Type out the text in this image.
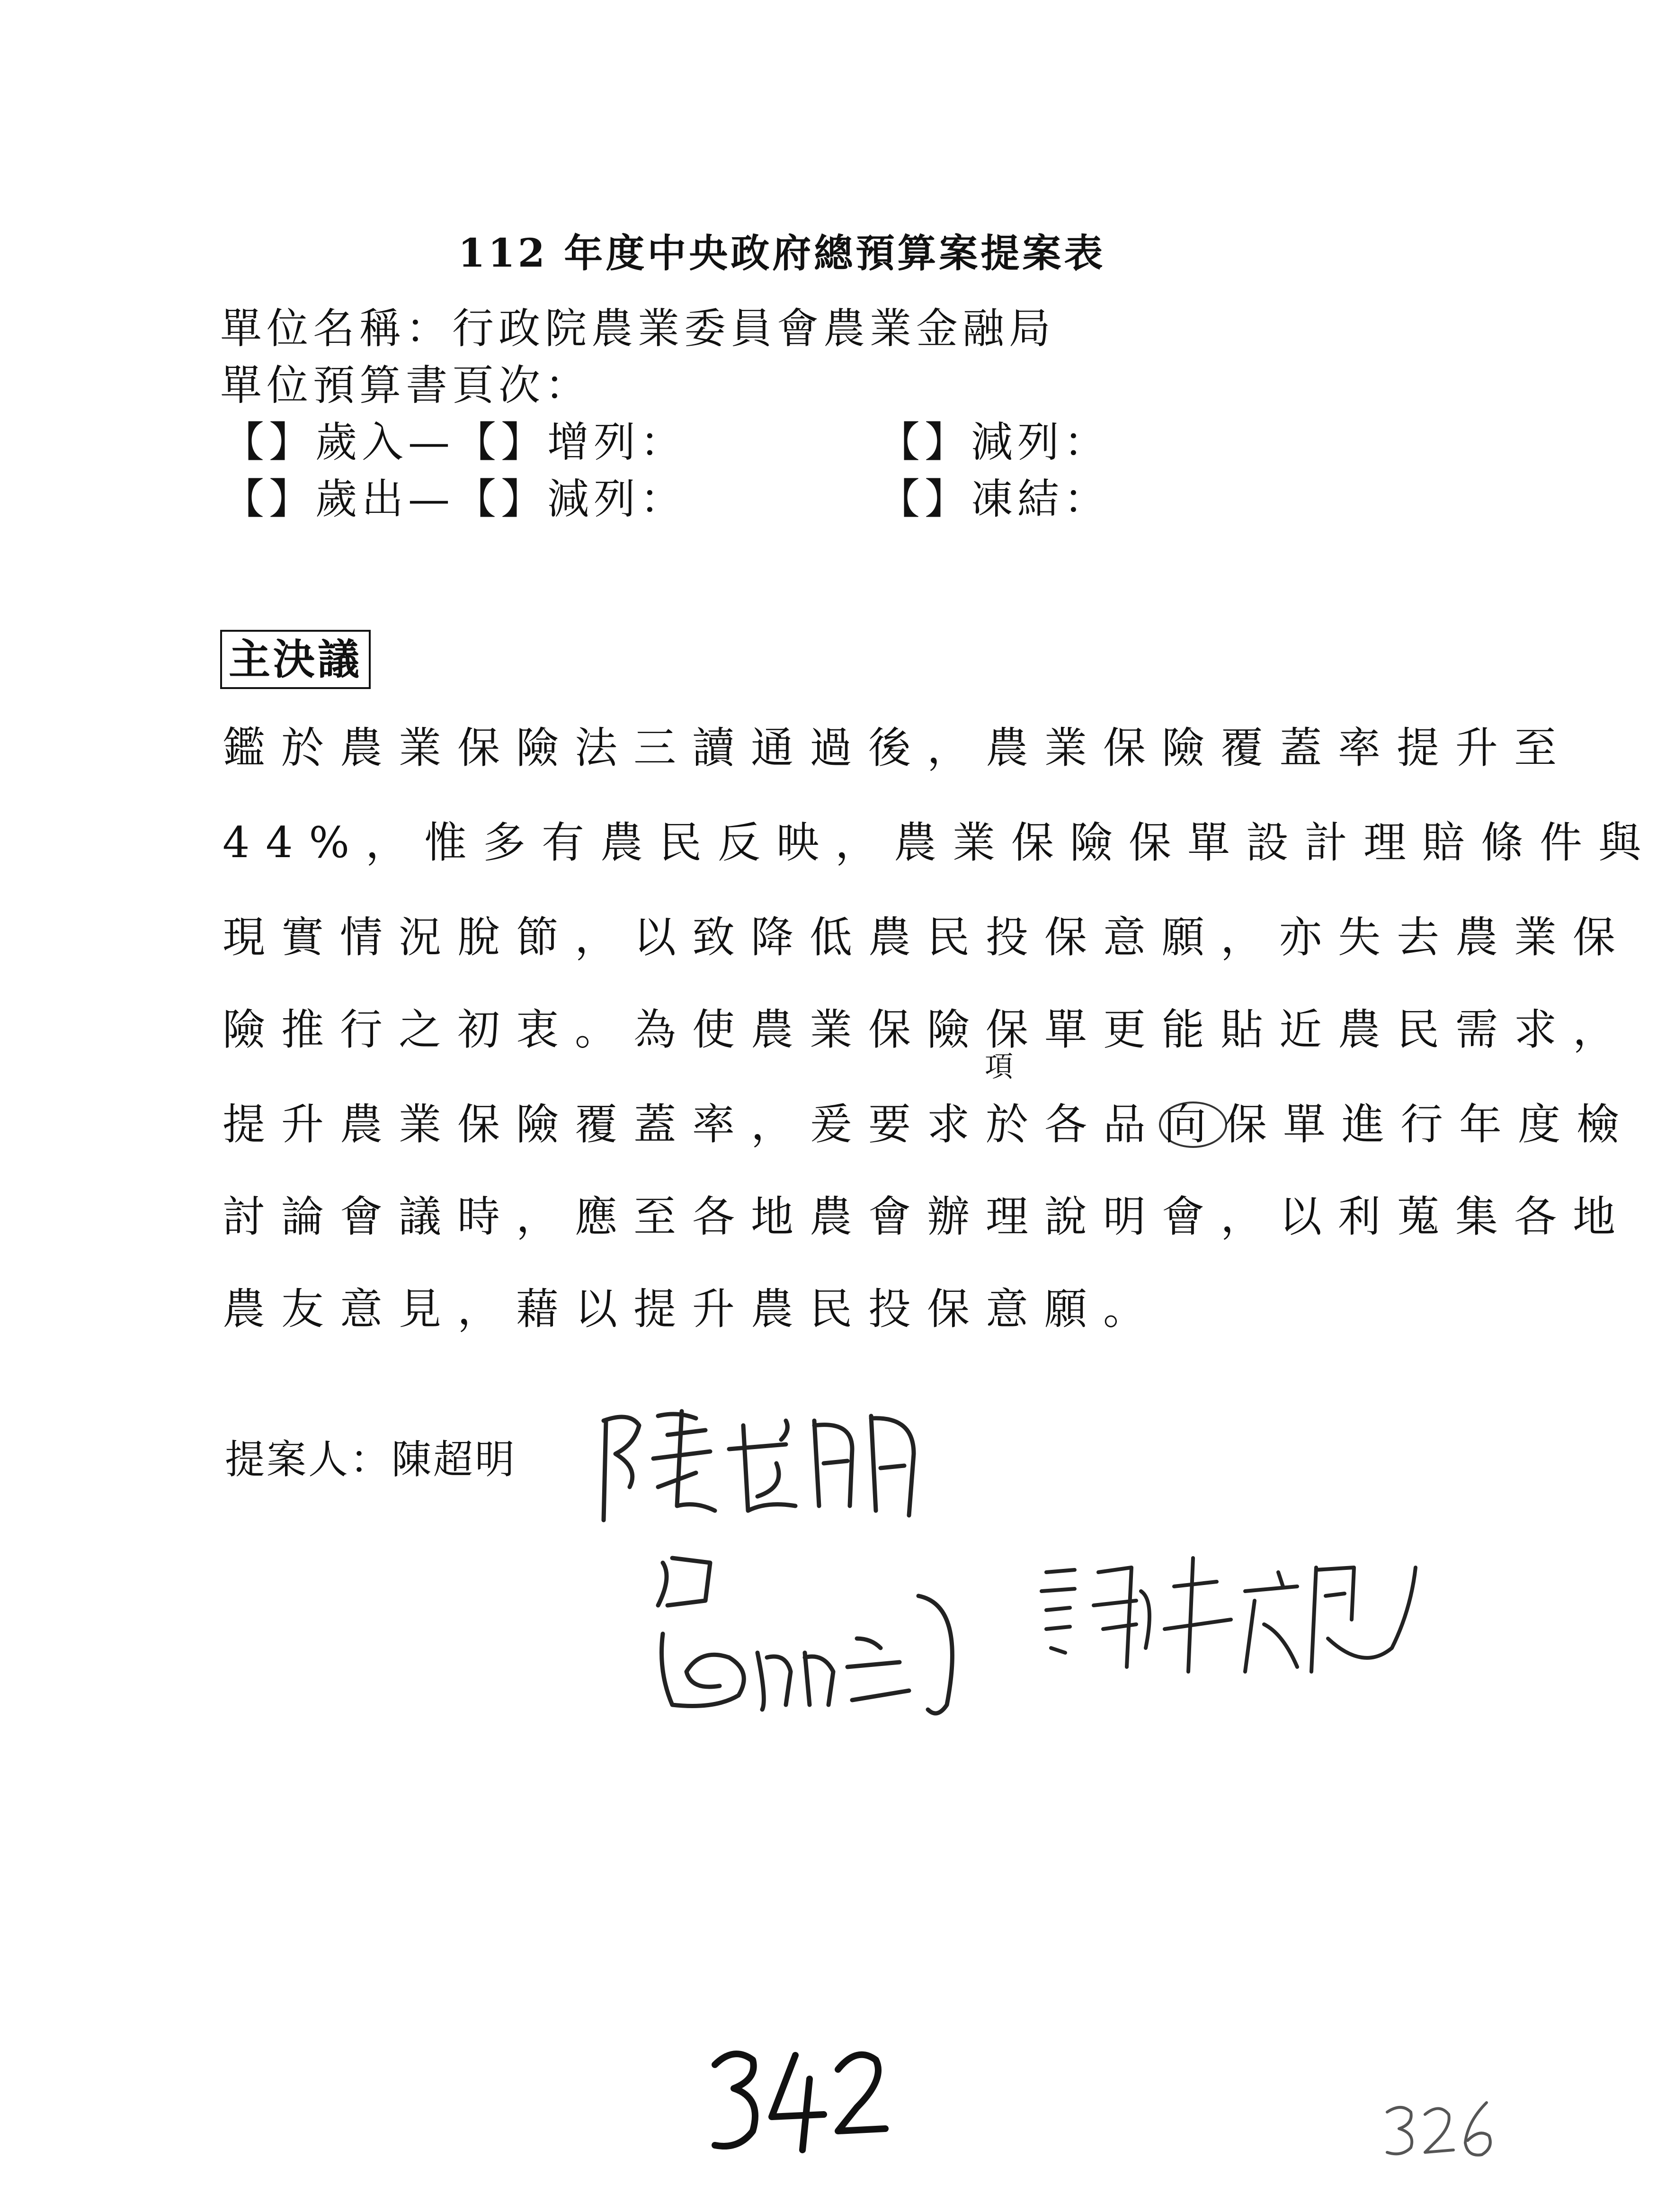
112 年度中央政府總預算案提案表
單位名稱：行政院農業委員會農業金融局
單位預算書頁次：
【】歲入—【】增列：	【】減列：
【】歲出—【】減列：	【】凍結：
主決議
鑑於農業保險法三讀通過後，農業保險覆蓋率提升至
44%，惟多有農民反映，農業保險保單設計理賠條件與
現實情況脫節，以致降低農民投保意願，亦失去農業保
險推行之初衷。為使農業保險保單更能貼近農民需求，
項
提升農業保險覆蓋率，爰要求於各品向保單進行年度檢
討論會議時，應至各地農會辦理說明會，以利蒐集各地
農友意見，藉以提升農民投保意願。
提案人：陳超明
